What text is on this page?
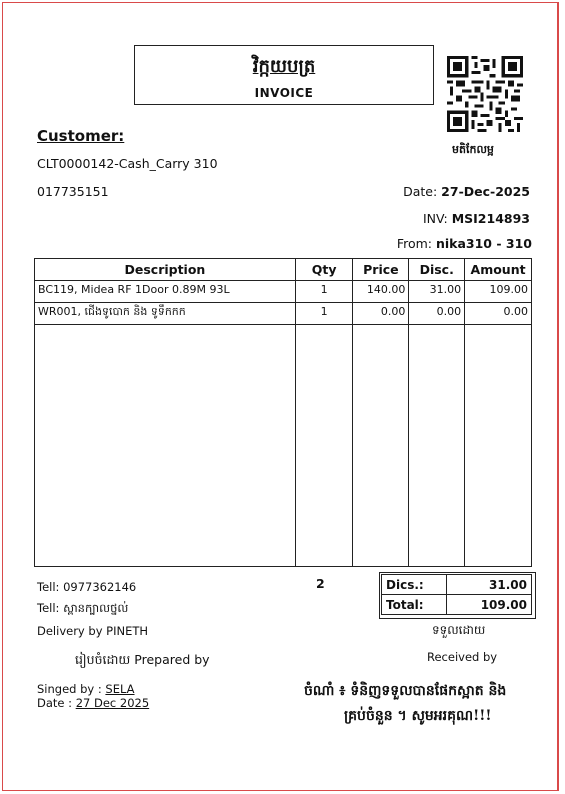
វិក្កយបត្រ
INVOICE
មតិកែលម្អ
Customer:
CLT0000142-Cash_Carry 310
017735151	Date: 27-Dec-2025
INV: MSI214893
From: nika310 - 310
Description	Qty	Price	Disc.	Amount
BC119, Midea RF 1Door 0.89M 93L	1	140.00	31.00	109.00
WR001, ជើងទូបោក និង ទូទឹកកក	1	0.00	0.00	0.00

Tell: 0977362146
Tell: ស្ពានក្បាលថ្នល់
Delivery by PINETH
2	Dics.:	31.00
Total:	109.00
ទទួលដោយ
Received by
រៀបចំដោយ Prepared by
Singed by : SELA
Date : 27 Dec 2025
ចំណាំ ៖ ទំនិញទទួលបានផែកស្អាត និង
គ្រប់ចំនួន ។ សូមអរគុណ!!!
